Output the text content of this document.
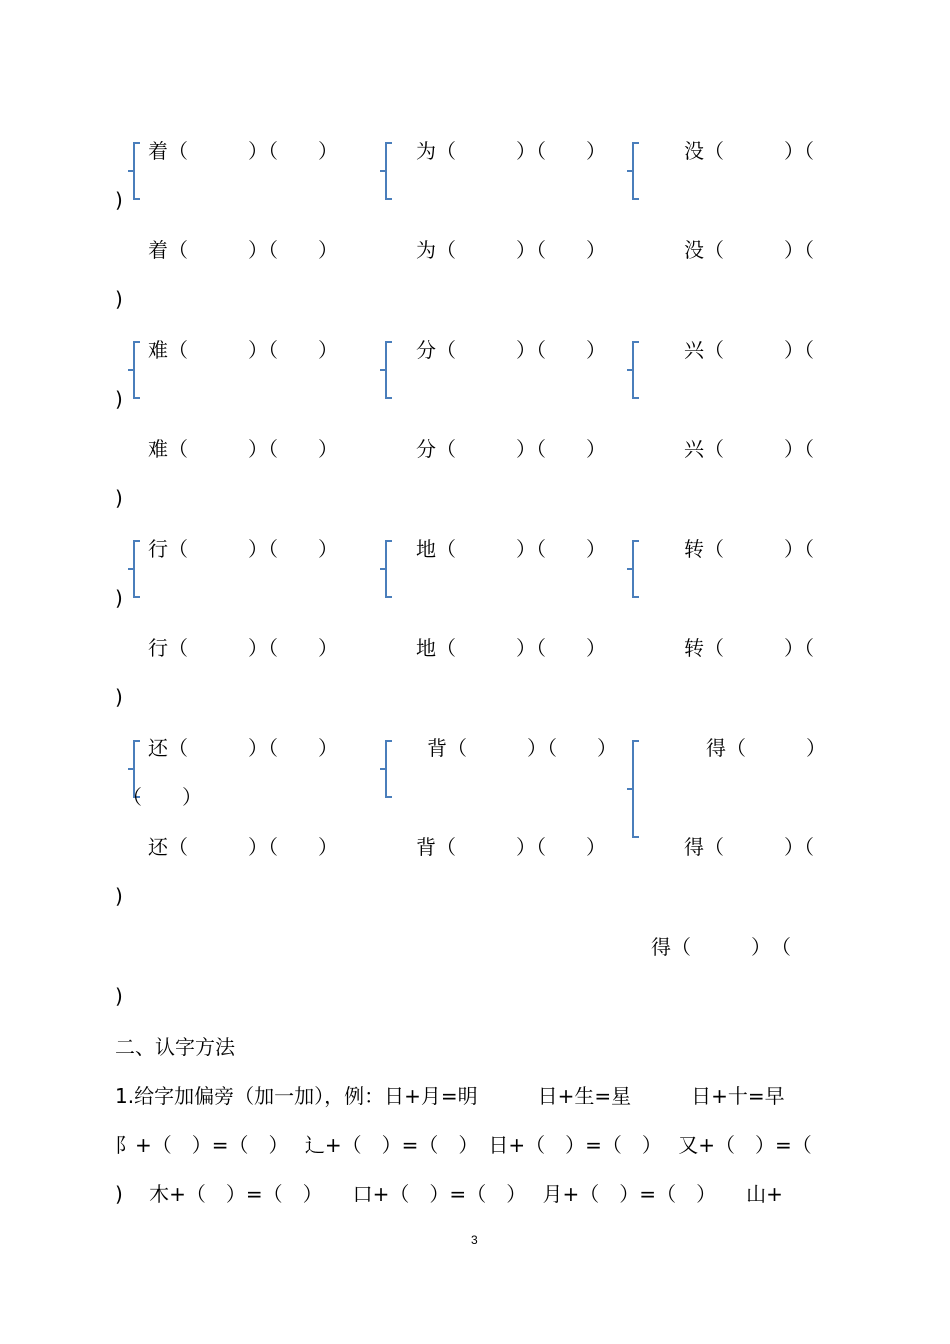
着（　　　）（　　）	为（　　　）（　　）	没（　　　）（
)
着（　　　）（　　）	为（　　　）（　　）	没（　　　）（
)
难（　　　）（　　）	分（　　　）（　　）	兴（　　　）（
)
难（　　　）（　　）	分（　　　）（　　）	兴（　　　）（
)
行（　　　）（　　）	地（　　　）（　　）	转（　　　）（
)
行（　　　）（　　）	地（　　　）（　　）	转（　　　）（
)
还（　　　）（　　）	背（　　　）（　　）	得（　　　）
（　　）
还（　　　）（　　）	背（　　　）（　　）	得（　　　）（
)
得（　　　）　（
)
二、认字方法
1.给字加偏旁（加一加），例：日+月=明　　　日+生=星　　　日+十=早
阝+（　）=（　）　 辶+（　）=（　）　日+（　）=（　）　 又+（　）=（
)　 木+（　）=（　）　　口+（　）=（　）　 月+（　）=（　）　　山+
3
